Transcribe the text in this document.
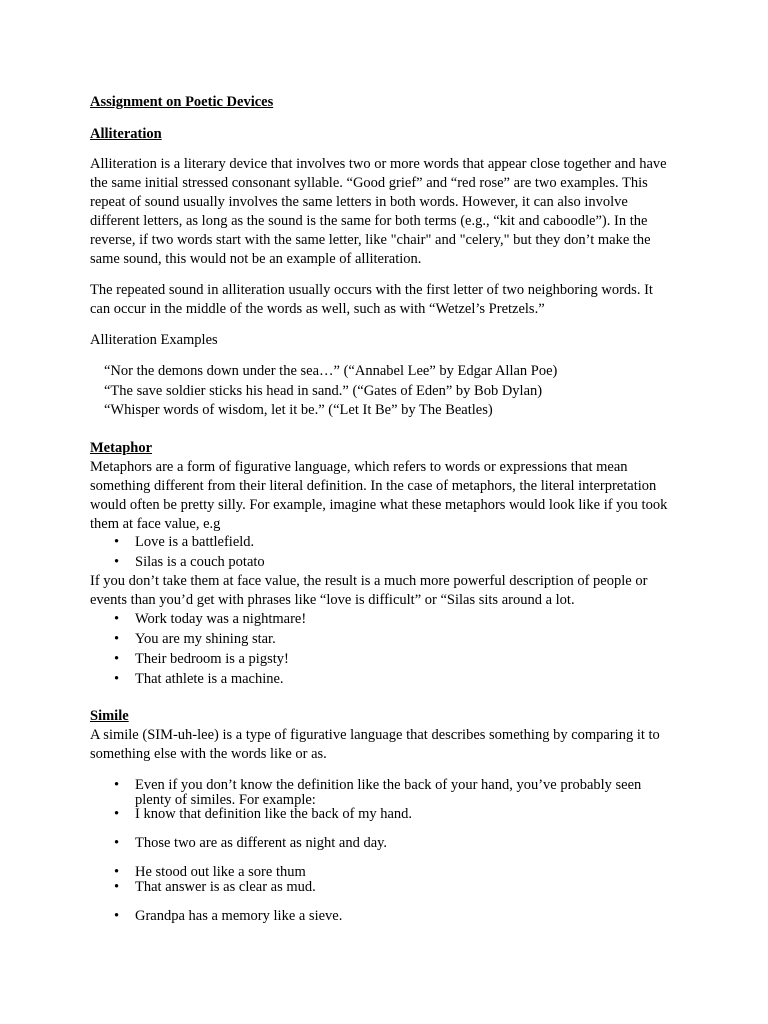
Assignment on Poetic Devices

Alliteration

Alliteration is a literary device that involves two or more words that appear close together and have the same initial stressed consonant syllable. “Good grief” and “red rose” are two examples. This repeat of sound usually involves the same letters in both words. However, it can also involve different letters, as long as the sound is the same for both terms (e.g., “kit and caboodle”). In the reverse, if two words start with the same letter, like "chair" and "celery," but they don’t make the same sound, this would not be an example of alliteration.

The repeated sound in alliteration usually occurs with the first letter of two neighboring words. It can occur in the middle of the words as well, such as with “Wetzel’s Pretzels.”

Alliteration Examples

“Nor the demons down under the sea…” (“Annabel Lee” by Edgar Allan Poe)

“The save soldier sticks his head in sand.” (“Gates of Eden” by Bob Dylan)

“Whisper words of wisdom, let it be.” (“Let It Be” by The Beatles)

Metaphor

Metaphors are a form of figurative language, which refers to words or expressions that mean something different from their literal definition. In the case of metaphors, the literal interpretation would often be pretty silly. For example, imagine what these metaphors would look like if you took them at face value, e.g

•	Love is a battlefield.
•	Silas is a couch potato

If you don’t take them at face value, the result is a much more powerful description of people or events than you’d get with phrases like “love is difficult” or “Silas sits around a lot.

•	Work today was a nightmare!
•	You are my shining star.
•	Their bedroom is a pigsty!
•	That athlete is a machine.

Simile

A simile (SIM-uh-lee) is a type of figurative language that describes something by comparing it to something else with the words like or as.

•	Even if you don’t know the definition like the back of your hand, you’ve probably seen plenty of similes. For example:
•	I know that definition like the back of my hand.
•	Those two are as different as night and day.
•	He stood out like a sore thum
•	That answer is as clear as mud.
•	Grandpa has a memory like a sieve.
